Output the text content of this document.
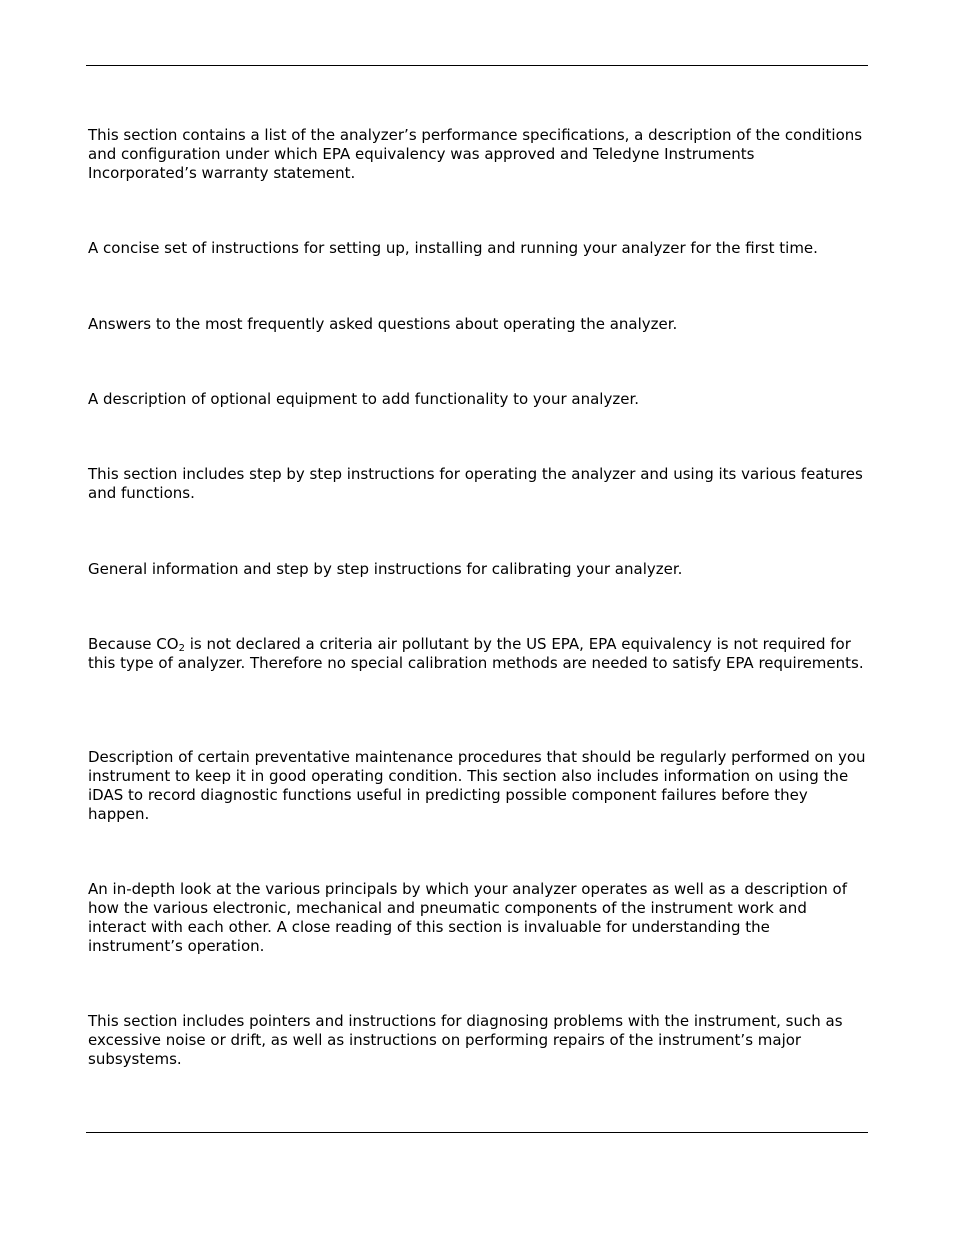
This section contains a list of the analyzer’s performance specifications, a description of the conditions and configuration under which EPA equivalency was approved and Teledyne Instruments Incorporated’s warranty statement.

A concise set of instructions for setting up, installing and running your analyzer for the first time.

Answers to the most frequently asked questions about operating the analyzer.

A description of optional equipment to add functionality to your analyzer.

This section includes step by step instructions for operating the analyzer and using its various features and functions.

General information and step by step instructions for calibrating your analyzer.

Because $CO_2$ is not declared a criteria air pollutant by the US EPA, EPA equivalency is not required for this type of analyzer. Therefore no special calibration methods are needed to satisfy EPA requirements.

Description of certain preventative maintenance procedures that should be regularly performed on you instrument to keep it in good operating condition. This section also includes information on using the iDAS to record diagnostic functions useful in predicting possible component failures before they happen.

An in-depth look at the various principals by which your analyzer operates as well as a description of how the various electronic, mechanical and pneumatic components of the instrument work and interact with each other. A close reading of this section is invaluable for understanding the instrument’s operation.

This section includes pointers and instructions for diagnosing problems with the instrument, such as excessive noise or drift, as well as instructions on performing repairs of the instrument’s major subsystems.
